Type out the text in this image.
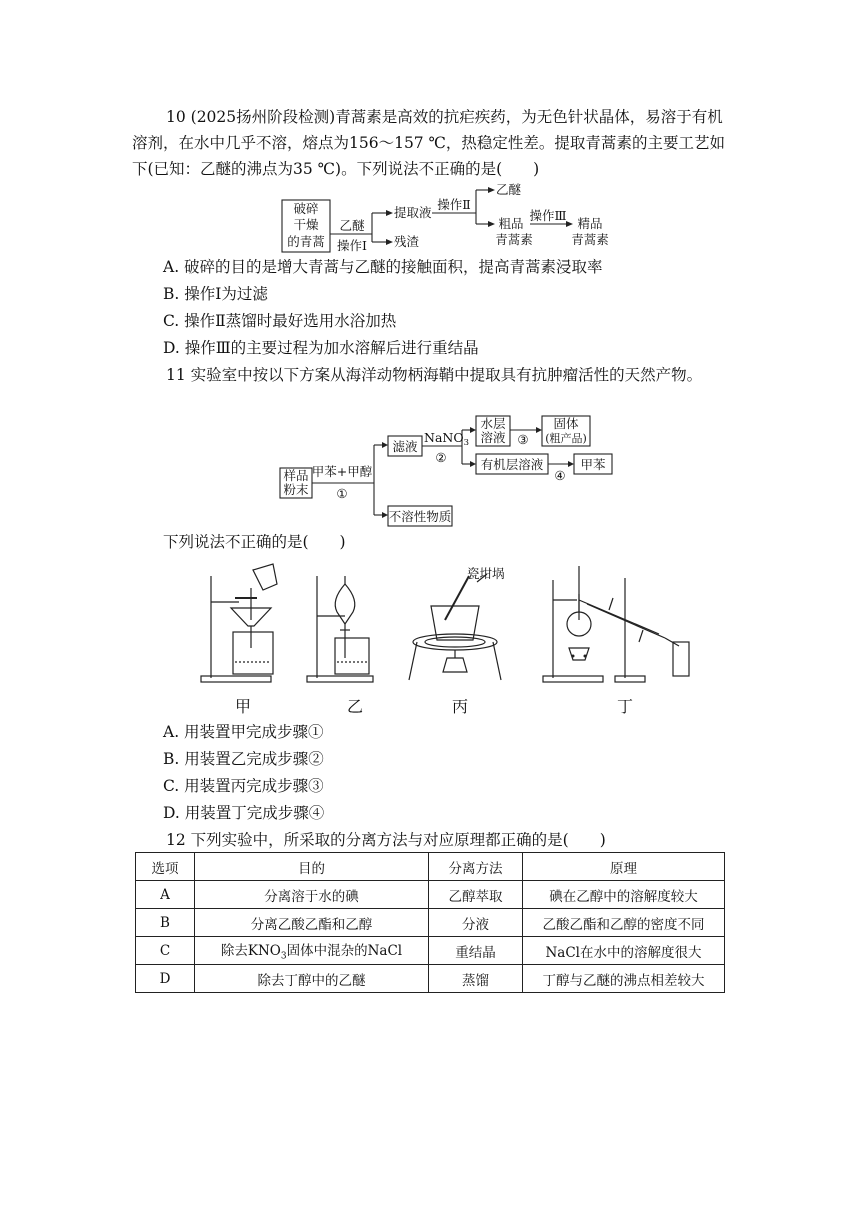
10 (2025扬州阶段检测)青蒿素是高效的抗疟疾药，为无色针状晶体，易溶于有机溶剂，在水中几乎不溶，熔点为156～157 ℃，热稳定性差。提取青蒿素的主要工艺如下(已知：乙醚的沸点为35 ℃)。下列说法不正确的是(　　)

破碎
干燥
的青蒿
乙醚
操作Ⅰ
提取液
残渣
操作Ⅱ
乙醚
粗品
青蒿素
操作Ⅲ
精品
青蒿素
A. 破碎的目的是增大青蒿与乙醚的接触面积，提高青蒿素浸取率
B. 操作Ⅰ为过滤
C. 操作Ⅱ蒸馏时最好选用水浴加热
D. 操作Ⅲ的主要过程为加水溶解后进行重结晶

11 实验室中按以下方案从海洋动物柄海鞘中提取具有抗肿瘤活性的天然产物。

样品
粉末
甲苯+甲醇
①
滤液
不溶性物质
NaNO$_3$
②
水层
溶液 ③
固体
(粗产品)
有机层溶液
④
甲苯
下列说法不正确的是(　　)
瓷坩埚
甲	乙	丙	丁
A. 用装置甲完成步骤①
B. 用装置乙完成步骤②
C. 用装置丙完成步骤③
D. 用装置丁完成步骤④
12 下列实验中，所采取的分离方法与对应原理都正确的是(　　)
选项	目的	分离方法	原理
A	分离溶于水的碘	乙醇萃取	碘在乙醇中的溶解度较大
B	分离乙酸乙酯和乙醇	分液	乙酸乙酯和乙醇的密度不同
C	除去$KNO_3$固体中混杂的NaCl	重结晶	NaCl在水中的溶解度很大
D	除去丁醇中的乙醚	蒸馏	丁醇与乙醚的沸点相差较大
